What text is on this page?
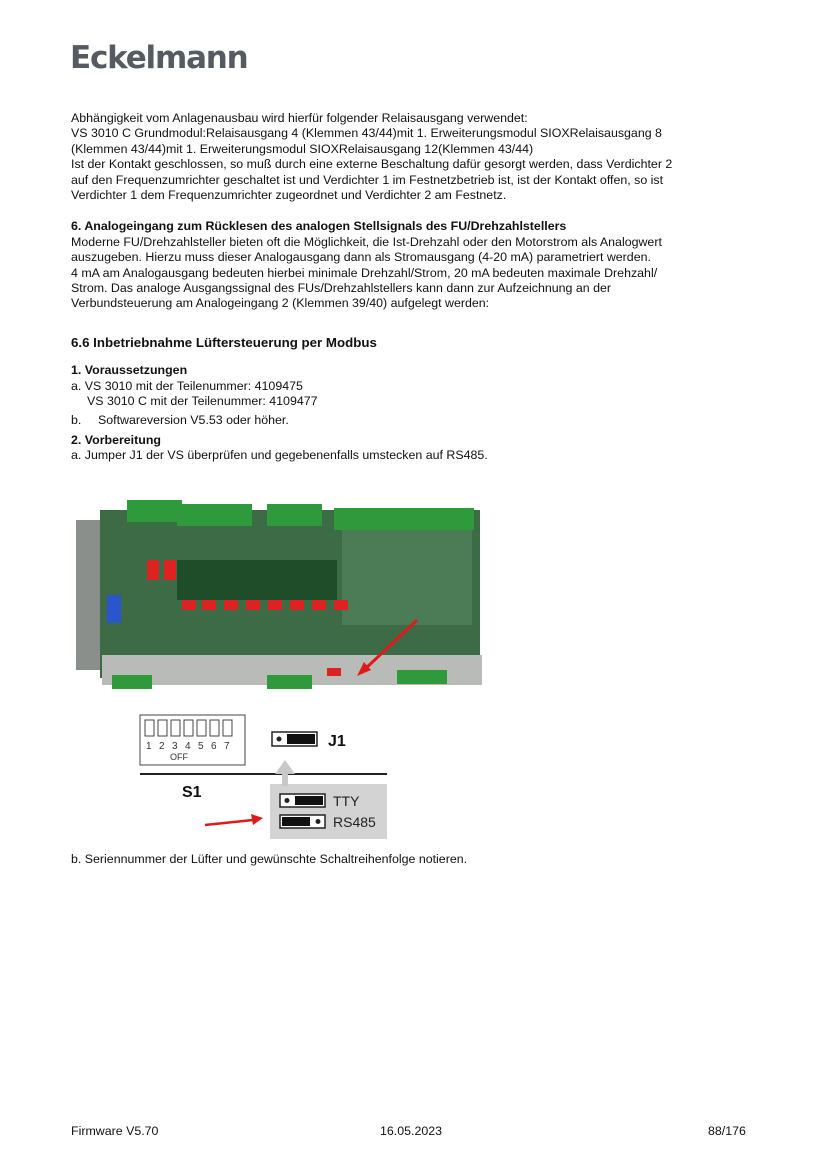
Eckelmann

Abhängigkeit vom Anlagenausbau wird hierfür folgender Relaisausgang verwendet:

VS 3010 C Grundmodul:Relaisausgang 4 (Klemmen 43/44)mit 1. Erweiterungsmodul SIOXRelaisausgang 8

(Klemmen 43/44)mit 1. Erweiterungsmodul SIOXRelaisausgang 12(Klemmen 43/44)

Ist der Kontakt geschlossen, so muß durch eine externe Beschaltung dafür gesorgt werden, dass Verdichter 2

auf den Frequenzumrichter geschaltet ist und Verdichter 1 im Festnetzbetrieb ist, ist der Kontakt offen, so ist

Verdichter 1 dem Frequenzumrichter zugeordnet und Verdichter 2 am Festnetz.

6. Analogeingang zum Rücklesen des analogen Stellsignals des FU/Drehzahlstellers

Moderne FU/Drehzahlsteller bieten oft die Möglichkeit, die Ist-Drehzahl oder den Motorstrom als Analogwert

auszugeben. Hierzu muss dieser Analogausgang dann als Stromausgang (4-20 mA) parametriert werden.

4 mA am Analogausgang bedeuten hierbei minimale Drehzahl/Strom, 20 mA bedeuten maximale Drehzahl/

Strom. Das analoge Ausgangssignal des FUs/Drehzahlstellers kann dann zur Aufzeichnung an der

Verbundsteuerung am Analogeingang 2 (Klemmen 39/40) aufgelegt werden:

6.6 Inbetriebnahme Lüftersteuerung per Modbus

1. Voraussetzungen

a. VS 3010 mit der Teilenummer: 4109475

VS 3010 C mit der Teilenummer: 4109477

b. Softwareversion V5.53 oder höher.

2. Vorbereitung

a. Jumper J1 der VS überprüfen und gegebenenfalls umstecken auf RS485.

1 2 3 4 5 6 7
OFF
J1
S1	TTY
RS485

b. Seriennummer der Lüfter und gewünschte Schaltreihenfolge notieren.

Firmware V5.70	16.05.2023	88/176
